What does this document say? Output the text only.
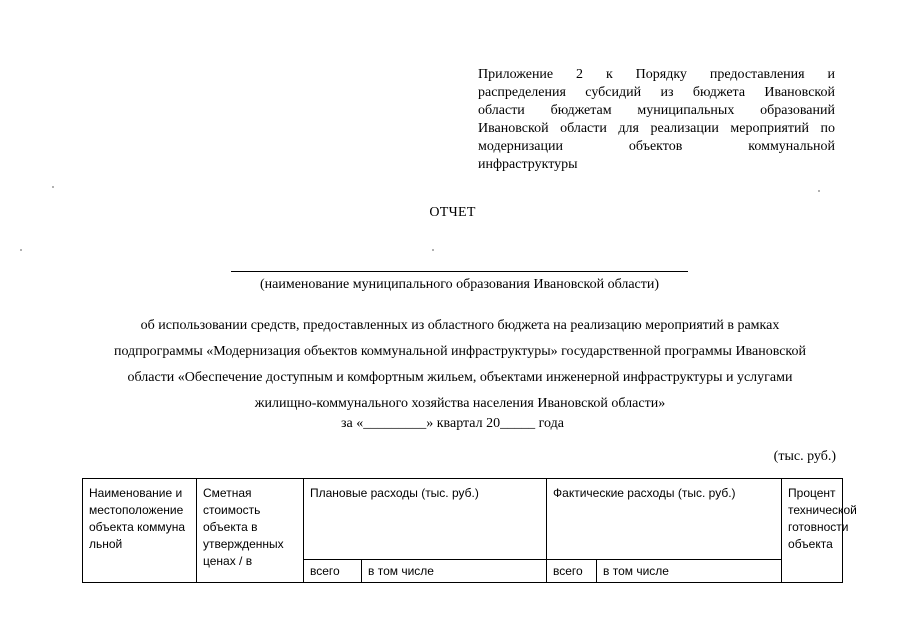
Приложение 2 к Порядку предоставления и
распределения субсидий из бюджета Ивановской
области бюджетам муниципальных образований
Ивановской области для реализации мероприятий по
модернизации объектов коммунальной
инфраструктуры
ОТЧЕТ
(наименование муниципального образования Ивановской области)
об использовании средств, предоставленных из областного бюджета на реализацию мероприятий в рамках
подпрограммы «Модернизация объектов коммунальной инфраструктуры» государственной программы Ивановской
области «Обеспечение доступным и комфортным жильем, объектами инженерной инфраструктуры и услугами
жилищно-коммунального хозяйства населения Ивановской области»
за «_________» квартал 20_____ года
(тыс. руб.)
Наименование и местоположение объекта коммунальной	Сметная стоимость объекта в утвержденных ценах / в	Плановые расходы (тыс. руб.)		Фактические расходы (тыс. руб.)		Процент технической готовности объекта
		всего	в том числе	всего	в том числе	
